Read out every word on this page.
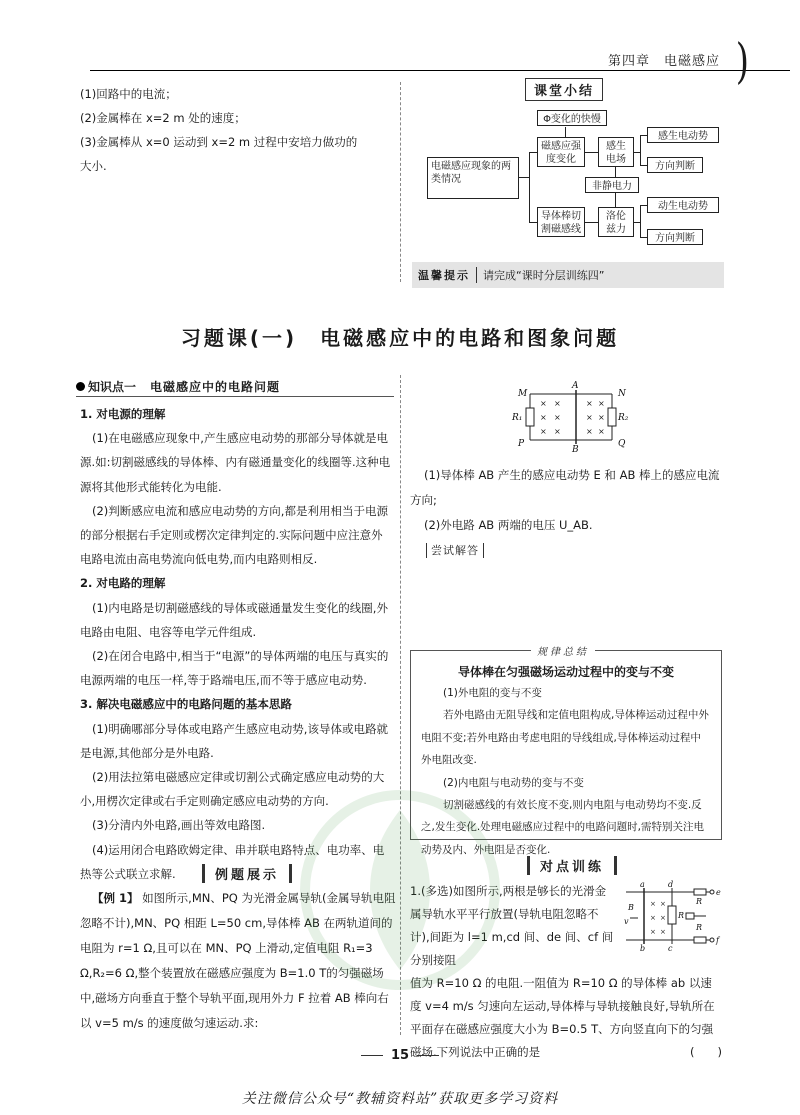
第四章　电磁感应 )

(1)回路中的电流；

(2)金属棒在 x=2 m 处的速度；

(3)金属棒从 x=0 运动到 x=2 m 过程中安培力做功的

大小.

课堂小结
电磁感应现象的两类情况
Φ变化的快慢
磁感应强度变化
感生电场
感生电动势
方向判断
非静电力
导体棒切割磁感线
洛伦兹力
动生电动势
方向判断
温馨提示	请完成“课时分层训练四”
习题课(一)　电磁感应中的电路和图象问题
知识点一 电磁感应中的电路问题
1. 对电源的理解
(1)在电磁感应现象中,产生感应电动势的那部分导体就是电源.如:切割磁感线的导体棒、内有磁通量变化的线圈等.这种电源将其他形式能转化为电能.
(2)判断感应电流和感应电动势的方向,都是利用相当于电源的部分根据右手定则或楞次定律判定的.实际问题中应注意外电路电流由高电势流向低电势,而内电路则相反.
2. 对电路的理解
(1)内电路是切割磁感线的导体或磁通量发生变化的线圈,外电路由电阻、电容等电学元件组成.
(2)在闭合电路中,相当于“电源”的导体两端的电压与真实的电源两端的电压一样,等于路端电压,而不等于感应电动势.
3. 解决电磁感应中的电路问题的基本思路
(1)明确哪部分导体或电路产生感应电动势,该导体或电路就是电源,其他部分是外电路.
(2)用法拉第电磁感应定律或切割公式确定感应电动势的大小,用楞次定律或右手定则确定感应电动势的方向.
(3)分清内外电路,画出等效电路图.
(4)运用闭合电路欧姆定律、串并联电路特点、电功率、电热等公式联立求解.	例题展示
【例 1】 如图所示,MN、PQ 为光滑金属导轨(金属导轨电阻忽略不计),MN、PQ 相距 L=50 cm,导体棒 AB 在两轨道间的电阻为 r=1 Ω,且可以在 MN、PQ 上滑动,定值电阻 R₁=3 Ω,R₂=6 Ω,整个装置放在磁感应强度为 B=1.0 T的匀强磁场中,磁场方向垂直于整个导轨平面,现用外力 F 拉着 AB 棒向右以 v=5 m/s 的速度做匀速运动.求:
× ×	× ×
× ×	× ×
× ×	× ×
M
A
N
P
B
Q
R₁	R₂
(1)导体棒 AB 产生的感应电动势 E 和 AB 棒上的感应电流方向;
(2)外电路 AB 两端的电压 U_AB.
尝试解答
规律总结
导体棒在匀强磁场运动过程中的变与不变
(1)外电阻的变与不变
若外电路由无阻导线和定值电阻构成,导体棒运动过程中外电阻不变;若外电路由考虑电阻的导线组成,导体棒运动过程中外电阻改变.
(2)内电阻与电动势的变与不变
切割磁感线的有效长度不变,则内电阻与电动势均不变.反之,发生变化.处理电磁感应过程中的电路问题时,需特别关注电动势及内、外电阻是否变化.
对点训练
1.(多选)如图所示,两根是够长的光滑金属导轨水平平行放置(导轨电阻忽略不计),间距为 l=1 m,cd 间、de 间、cf 间分别接阻
值为 R=10 Ω 的电阻.一阻值为 R=10 Ω 的导体棒 ab 以速度 v=4 m/s 匀速向左运动,导体棒与导轨接触良好,导轨所在平面存在磁感应强度大小为 B=0.5 T、方向竖直向下的匀强磁场.下列说法中正确的是	(　　)
× ×
× ×
× ×
a
b
d
c
e
f
B
v
R
R
R
15
关注微信公众号“教辅资料站”获取更多学习资料
